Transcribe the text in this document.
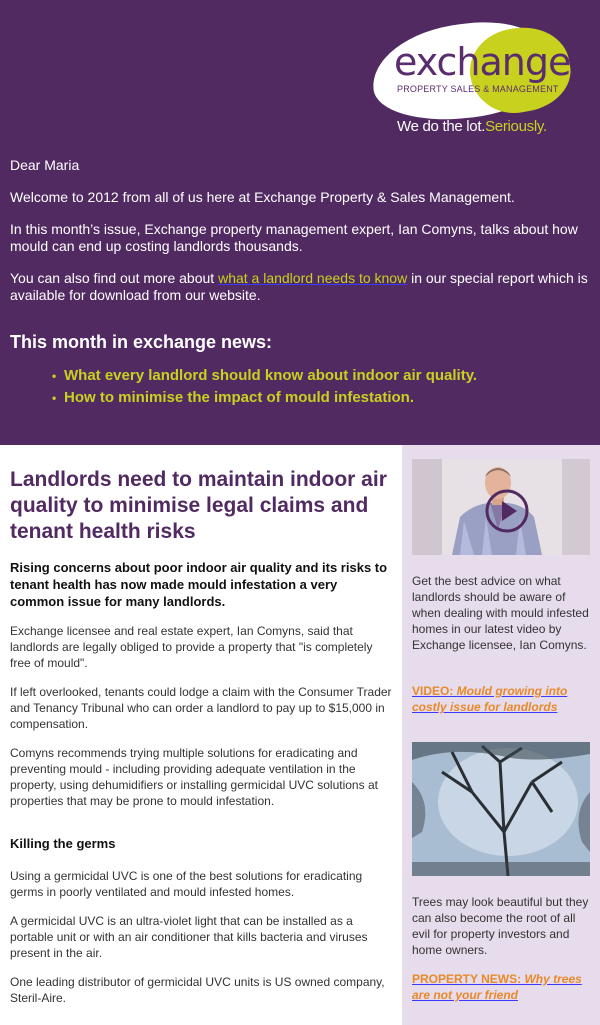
exchange
PROPERTY SALES & MANAGEMENT
We do the lot.Seriously.

Dear Maria

Welcome to 2012 from all of us here at Exchange Property & Sales Management.

In this month’s issue, Exchange property management expert, Ian Comyns, talks about how mould can end up costing landlords thousands.

You can also find out more about what a landlord needs to know in our special report which is available for download from our website.

This month in exchange news:
• What every landlord should know about indoor air quality.
• How to minimise the impact of mould infestation.
Landlords need to maintain indoor air quality to minimise legal claims and tenant health risks

Rising concerns about poor indoor air quality and its risks to tenant health has now made mould infestation a very common issue for many landlords.

Exchange licensee and real estate expert, Ian Comyns, said that landlords are legally obliged to provide a property that "is completely free of mould".

If left overlooked, tenants could lodge a claim with the Consumer Trader and Tenancy Tribunal who can order a landlord to pay up to $15,000 in compensation.

Comyns recommends trying multiple solutions for eradicating and preventing mould - including providing adequate ventilation in the property, using dehumidifiers or installing germicidal UVC solutions at properties that may be prone to mould infestation.

Killing the germs

Using a germicidal UVC is one of the best solutions for eradicating germs in poorly ventilated and mould infested homes.

A germicidal UVC is an ultra-violet light that can be installed as a portable unit or with an air conditioner that kills bacteria and viruses present in the air.

One leading distributor of germicidal UVC units is US owned company, Steril-Aire.

Get the best advice on what landlords should be aware of when dealing with mould infested homes in our latest video by Exchange licensee, Ian Comyns.

VIDEO: Mould growing into costly issue for landlords

Trees may look beautiful but they can also become the root of all evil for property investors and home owners.

PROPERTY NEWS: Why trees are not your friend
